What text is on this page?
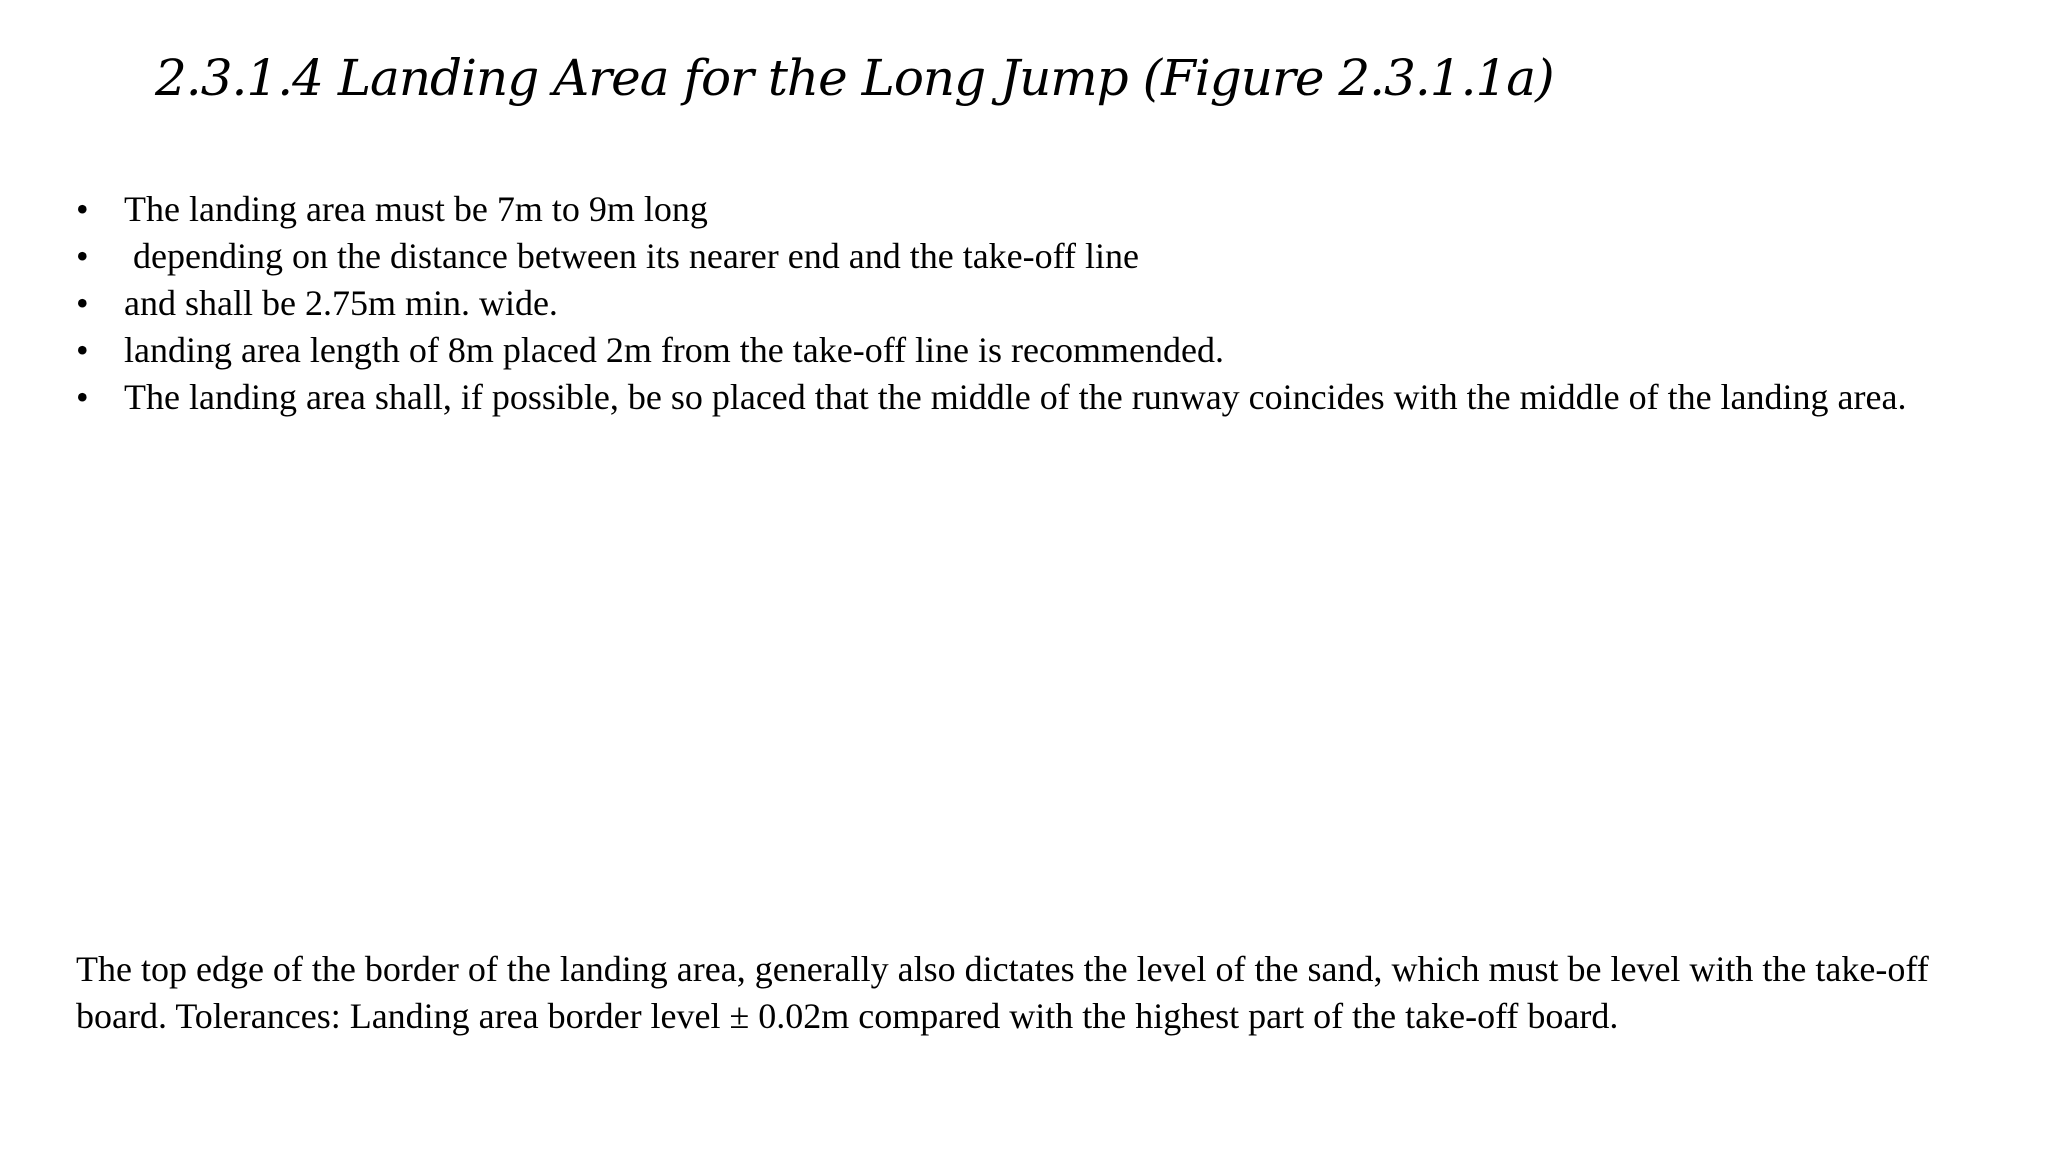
2.3.1.4 Landing Area for the Long Jump (Figure 2.3.1.1a)
• The landing area must be 7m to 9m long
• depending on the distance between its nearer end and the take-off line
• and shall be 2.75m min. wide.
• landing area length of 8m placed 2m from the take-off line is recommended.
• The landing area shall, if possible, be so placed that the middle of the runway coincides with the middle of the landing area.

The top edge of the border of the landing area, generally also dictates the level of the sand, which must be level with the take-off board. Tolerances: Landing area border level ± 0.02m compared with the highest part of the take-off board.
